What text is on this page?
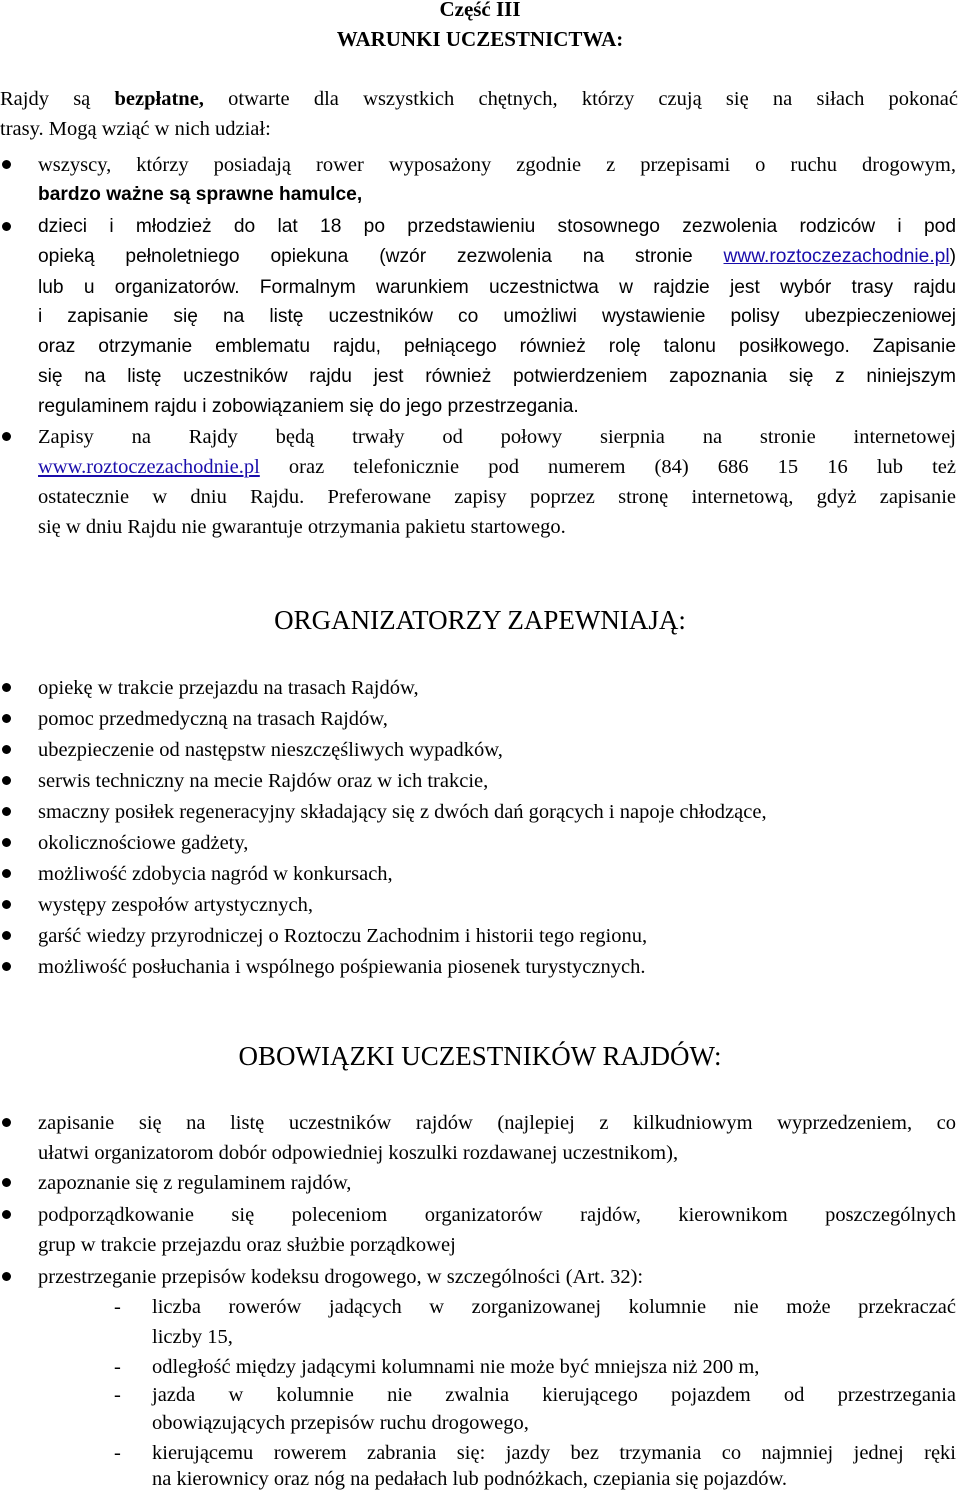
Część III

WARUNKI UCZESTNICTWA:

Rajdy są bezpłatne, otwarte dla wszystkich chętnych, którzy czują się na siłach pokonać
trasy. Mogą wziąć w nich udział:
wszyscy, którzy posiadają rower wyposażony zgodnie z przepisami o ruchu drogowym,
bardzo ważne są sprawne hamulce,
dzieci i młodzież do lat 18 po przedstawieniu stosownego zezwolenia rodziców i pod
opieką pełnoletniego opiekuna (wzór zezwolenia na stronie www.roztoczezachodnie.pl)
lub u organizatorów. Formalnym warunkiem uczestnictwa w rajdzie jest wybór trasy rajdu
i zapisanie się na listę uczestników co umożliwi wystawienie polisy ubezpieczeniowej
oraz otrzymanie emblematu rajdu, pełniącego również rolę talonu posiłkowego. Zapisanie
się na listę uczestników rajdu jest również potwierdzeniem zapoznania się z niniejszym
regulaminem rajdu i zobowiązaniem się do jego przestrzegania.
Zapisy na Rajdy będą trwały od połowy sierpnia na stronie internetowej
www.roztoczezachodnie.pl oraz telefonicznie pod numerem (84) 686 15 16 lub też
ostatecznie w dniu Rajdu. Preferowane zapisy poprzez stronę internetową, gdyż zapisanie
się w dniu Rajdu nie gwarantuje otrzymania pakietu startowego.
ORGANIZATORZY ZAPEWNIAJĄ:
opiekę w trakcie przejazdu na trasach Rajdów,
pomoc przedmedyczną na trasach Rajdów,
ubezpieczenie od następstw nieszczęśliwych wypadków,
serwis techniczny na mecie Rajdów oraz w ich trakcie,
smaczny posiłek regeneracyjny składający się z dwóch dań gorących i napoje chłodzące,
okolicznościowe gadżety,
możliwość zdobycia nagród w konkursach,
występy zespołów artystycznych,
garść wiedzy przyrodniczej o Roztoczu Zachodnim i historii tego regionu,
możliwość posłuchania i wspólnego pośpiewania piosenek turystycznych.
OBOWIĄZKI UCZESTNIKÓW RAJDÓW:
zapisanie się na listę uczestników rajdów (najlepiej z kilkudniowym wyprzedzeniem, co
ułatwi organizatorom dobór odpowiedniej koszulki rozdawanej uczestnikom),
zapoznanie się z regulaminem rajdów,
podporządkowanie się poleceniom organizatorów rajdów, kierownikom poszczególnych
grup w trakcie przejazdu oraz służbie porządkowej
przestrzeganie przepisów kodeksu drogowego, w szczególności (Art. 32):
- liczba rowerów jadących w zorganizowanej kolumnie nie może przekraczać
liczby 15,
- odległość między jadącymi kolumnami nie może być mniejsza niż 200 m,
- jazda w kolumnie nie zwalnia kierującego pojazdem od przestrzegania
obowiązujących przepisów ruchu drogowego,
- kierującemu rowerem zabrania się: jazdy bez trzymania co najmniej jednej ręki
na kierownicy oraz nóg na pedałach lub podnóżkach, czepiania się pojazdów.
